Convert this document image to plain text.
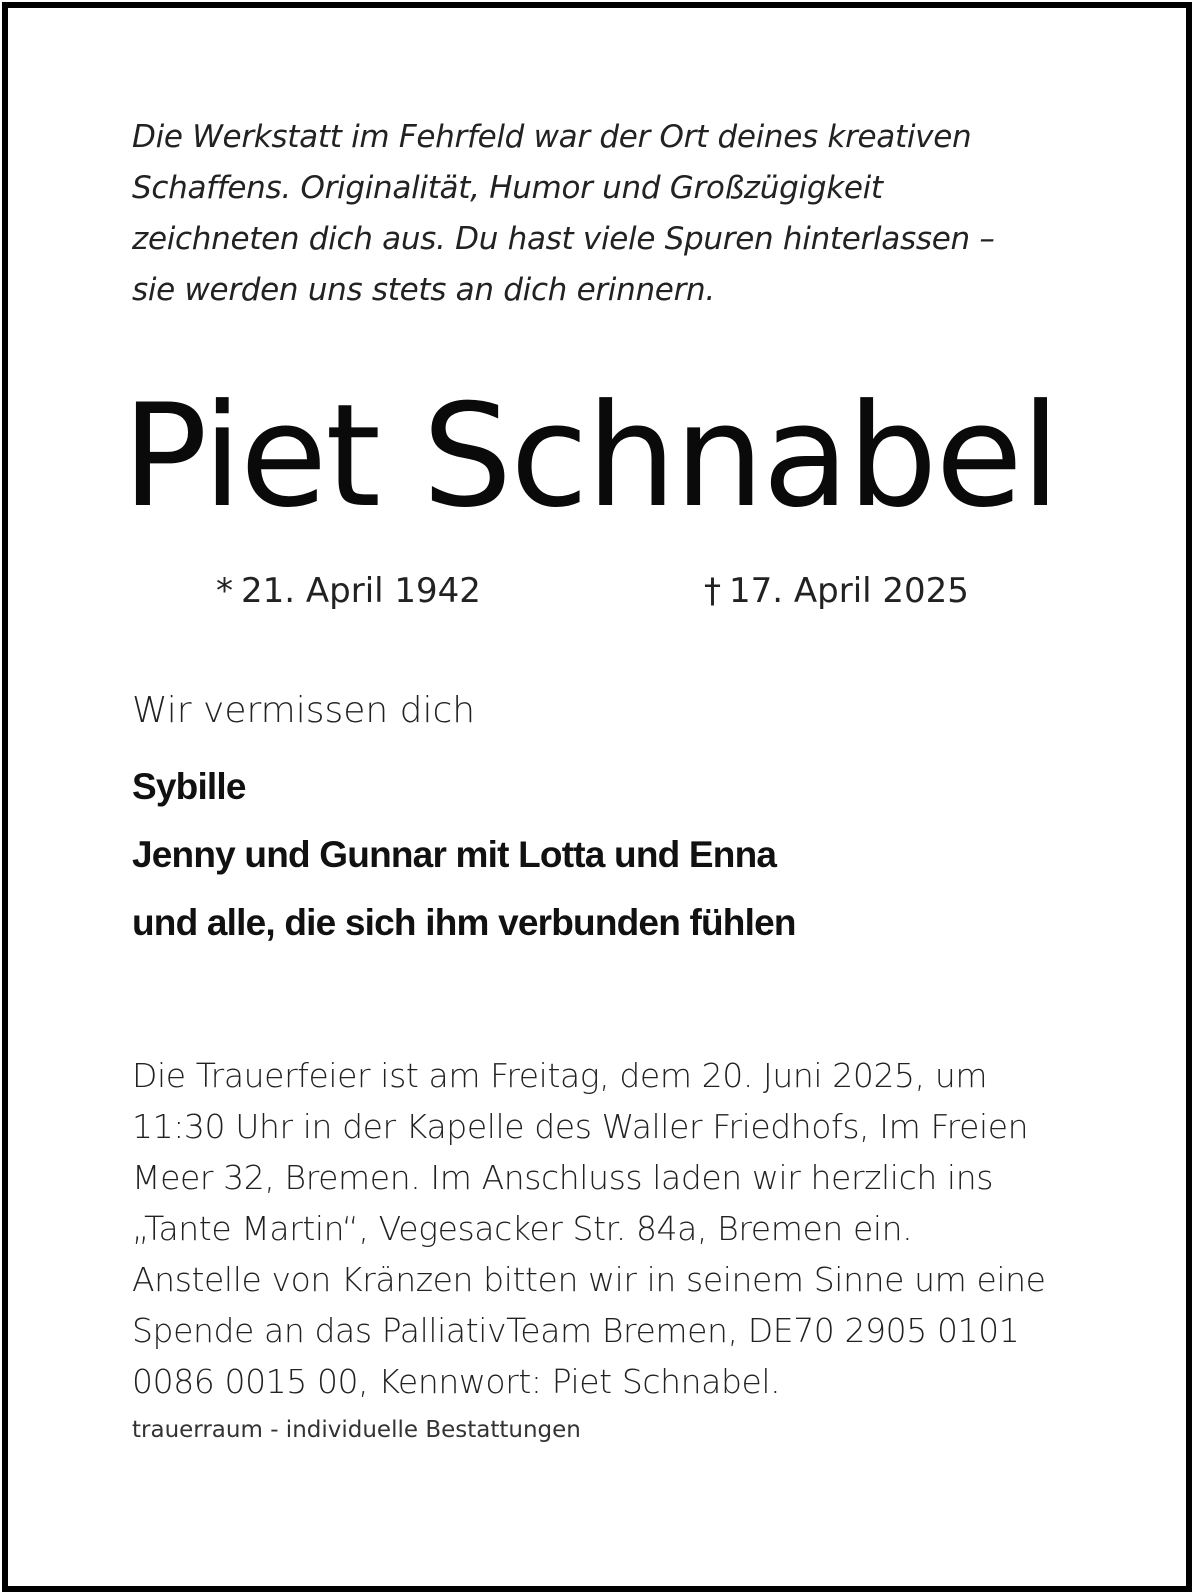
Die Werkstatt im Fehrfeld war der Ort deines kreativen
Schaffens. Originalität, Humor und Großzügigkeit
zeichneten dich aus. Du hast viele Spuren hinterlassen –
sie werden uns stets an dich erinnern.
Piet Schnabel
* 21. April 1942	† 17. April 2025
Wir vermissen dich
Sybille
Jenny und Gunnar mit Lotta und Enna
und alle, die sich ihm verbunden fühlen
Die Trauerfeier ist am Freitag, dem 20. Juni 2025, um
11:30 Uhr in der Kapelle des Waller Friedhofs, Im Freien
Meer 32, Bremen. Im Anschluss laden wir herzlich ins
„Tante Martin“, Vegesacker Str. 84a, Bremen ein.
Anstelle von Kränzen bitten wir in seinem Sinne um eine
Spende an das PalliativTeam Bremen, DE70 2905 0101
0086 0015 00, Kennwort: Piet Schnabel.
trauerraum - individuelle Bestattungen
